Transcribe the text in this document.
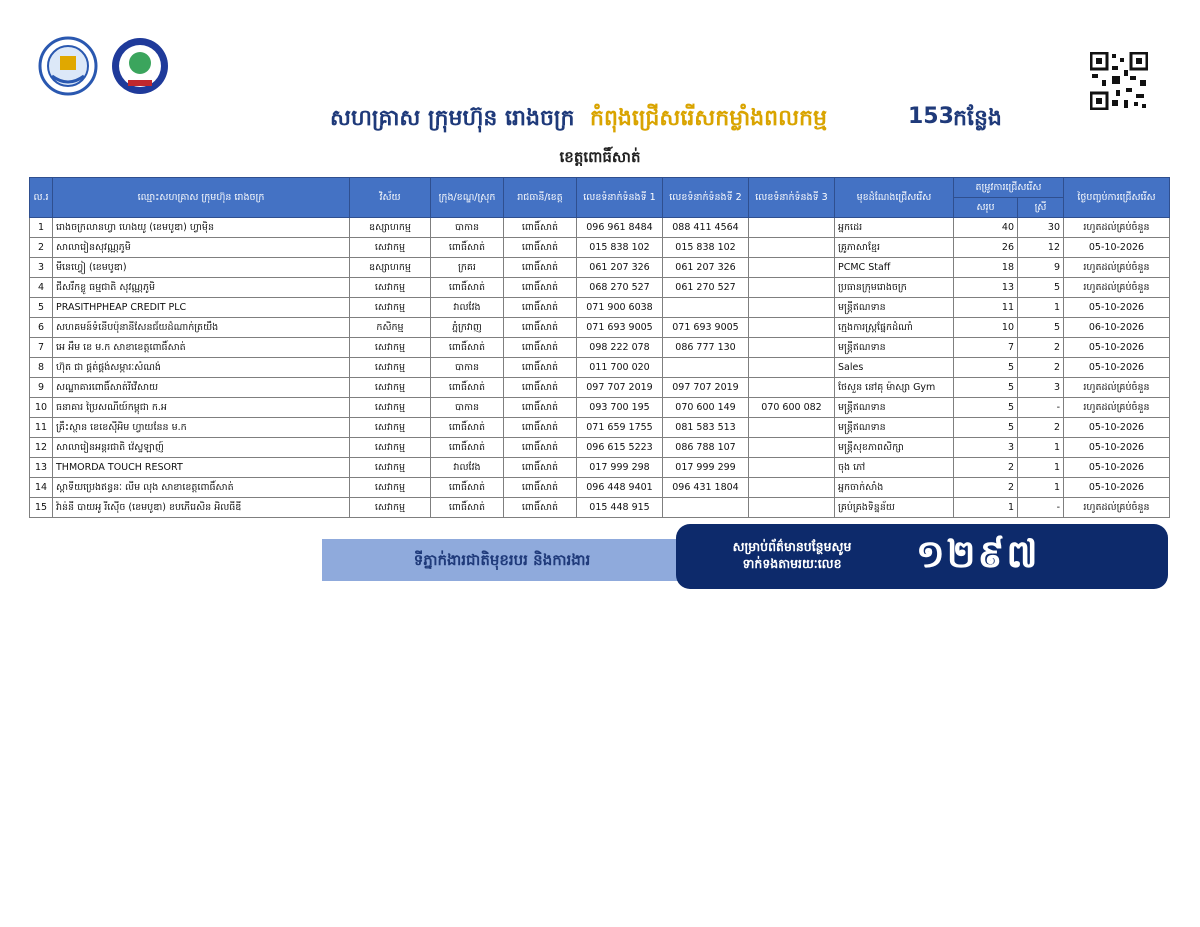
សហគ្រាស ក្រុមហ៊ុន រោងចក្រ កំពុងជ្រើសរើសកម្លាំងពលកម្ម	153 កន្លែង
ខេត្តពោធិ៍សាត់
ល.រ	ឈ្មោះសហគ្រាស ក្រុមហ៊ុន រោងចក្រ	វិស័យ	ក្រុង/ខណ្ឌ/ស្រុក	រាជធានី/ខេត្ត	លេខទំនាក់ទំនងទី 1	លេខទំនាក់ទំនងទី 2	លេខទំនាក់ទំនងទី 3	មុខដំណែងជ្រើសរើស	តម្រូវការជ្រើសរើស		ថ្ងៃបញ្ចប់ការជ្រើសរើស
									សរុប	ស្រី	
1	រោងចក្រលានហ្វា ហេងយូ (ខេមបូឌា) ហ្វាម៉ិន	ឧស្សាហកម្ម	បាកាន	ពោធិ៍សាត់	096 961 8484	088 411 4564		អ្នកដេរ	40	30	រហូតដល់គ្រប់ចំនួន
2	សាលារៀនសុវណ្ណភូមិ	សេវាកម្ម	ពោធិ៍សាត់	ពោធិ៍សាត់	015 838 102	015 838 102		គ្រូភាសាខ្មែរ	26	12	05-10-2026
3	មីនេហ្វៀ (ខេមបូឌា)	ឧស្សាហកម្ម	ក្រគរ	ពោធិ៍សាត់	061 207 326	061 207 326		PCMC Staff	18	9	រហូតដល់គ្រប់ចំនួន
4	ជីសរឹកខ្លូ ធម្មជាតិ សុវណ្ណភូមិ	សេវាកម្ម	ពោធិ៍សាត់	ពោធិ៍សាត់	068 270 527	061 270 527		ប្រធានក្រុមរោងចក្រ	13	5	រហូតដល់គ្រប់ចំនួន
5	PRASITHPHEAP CREDIT PLC	សេវាកម្ម	វាលវែង	ពោធិ៍សាត់	071 900 6038			មន្ត្រីឥណទាន	11	1	05-10-2026
6	សហគមន៍ទំនើបប៉ុនានីសែនជ័យដំណាក់ត្រយឹង	កសិកម្ម	ភ្នំក្រវាញ	ពោធិ៍សាត់	071 693 9005	071 693 9005		ក្មេងការស្រ្តផ្នែកដំណាំ	10	5	06-10-2026
7	អេ អឹម ខេ ម.ក សាខាខេត្តពោធិ៍សាត់	សេវាកម្ម	ពោធិ៍សាត់	ពោធិ៍សាត់	098 222 078	086 777 130		មន្ត្រីឥណទាន	7	2	05-10-2026
8	ហ៊ុត ជា ផ្គត់ផ្គង់សម្ភារៈសំណង់	សេវាកម្ម	បាកាន	ពោធិ៍សាត់	011 700 020			Sales	5	2	05-10-2026
9	សណ្ឋាគារពោធិ៍សាត់រីវើសាយ	សេវាកម្ម	ពោធិ៍សាត់	ពោធិ៍សាត់	097 707 2019	097 707 2019		ថែសួន នៅគុ ម៉ាស្សា Gym	5	3	រហូតដល់គ្រប់ចំនួន
10	ធនាគារ ប្រៃសណីយ៍កម្ពុជា ក.អ	សេវាកម្ម	បាកាន	ពោធិ៍សាត់	093 700 195	070 600 149	070 600 082	មន្ត្រីឥណទាន	5	-	រហូតដល់គ្រប់ចំនួន
11	គ្រឹះស្ថាន ខេខេស៊ីអិម ហ្វាយនែន ម.ក	សេវាកម្ម	ពោធិ៍សាត់	ពោធិ៍សាត់	071 659 1755	081 583 513		មន្ត្រីឥណទាន	5	2	05-10-2026
12	សាលារៀនអន្តរជាតិ វ៉េស្ទឡាញ៍	សេវាកម្ម	ពោធិ៍សាត់	ពោធិ៍សាត់	096 615 5223	086 788 107		មន្ត្រីសុខភាពសិក្សា	3	1	05-10-2026
13	THMORDA TOUCH RESORT	សេវាកម្ម	វាលវែង	ពោធិ៍សាត់	017 999 298	017 999 299		ចុង ភៅ	2	1	05-10-2026
14	ស្តាទីយប្រេងឥន្ធនៈ លីម លុង សាខាខេត្តពោធិ៍សាត់	សេវាកម្ម	ពោធិ៍សាត់	ពោធិ៍សាត់	096 448 9401	096 431 1804		អ្នកចាក់សាំង	2	1	05-10-2026
15	វ៉ាន់នី បាយអូ រីស៊ើច (ខេមបូឌា) ខបភើរេសិន អិលធីឌី	សេវាកម្ម	ពោធិ៍សាត់	ពោធិ៍សាត់	015 448 915			គ្រប់គ្រងទិន្នន័យ	1	-	រហូតដល់គ្រប់ចំនួន
ទីភ្នាក់ងារជាតិមុខរបរ និងការងារ
សម្រាប់ព័ត៌មានបន្ថែមសូម
ទាក់ទងតាមរយៈលេខ	១២៩៧
